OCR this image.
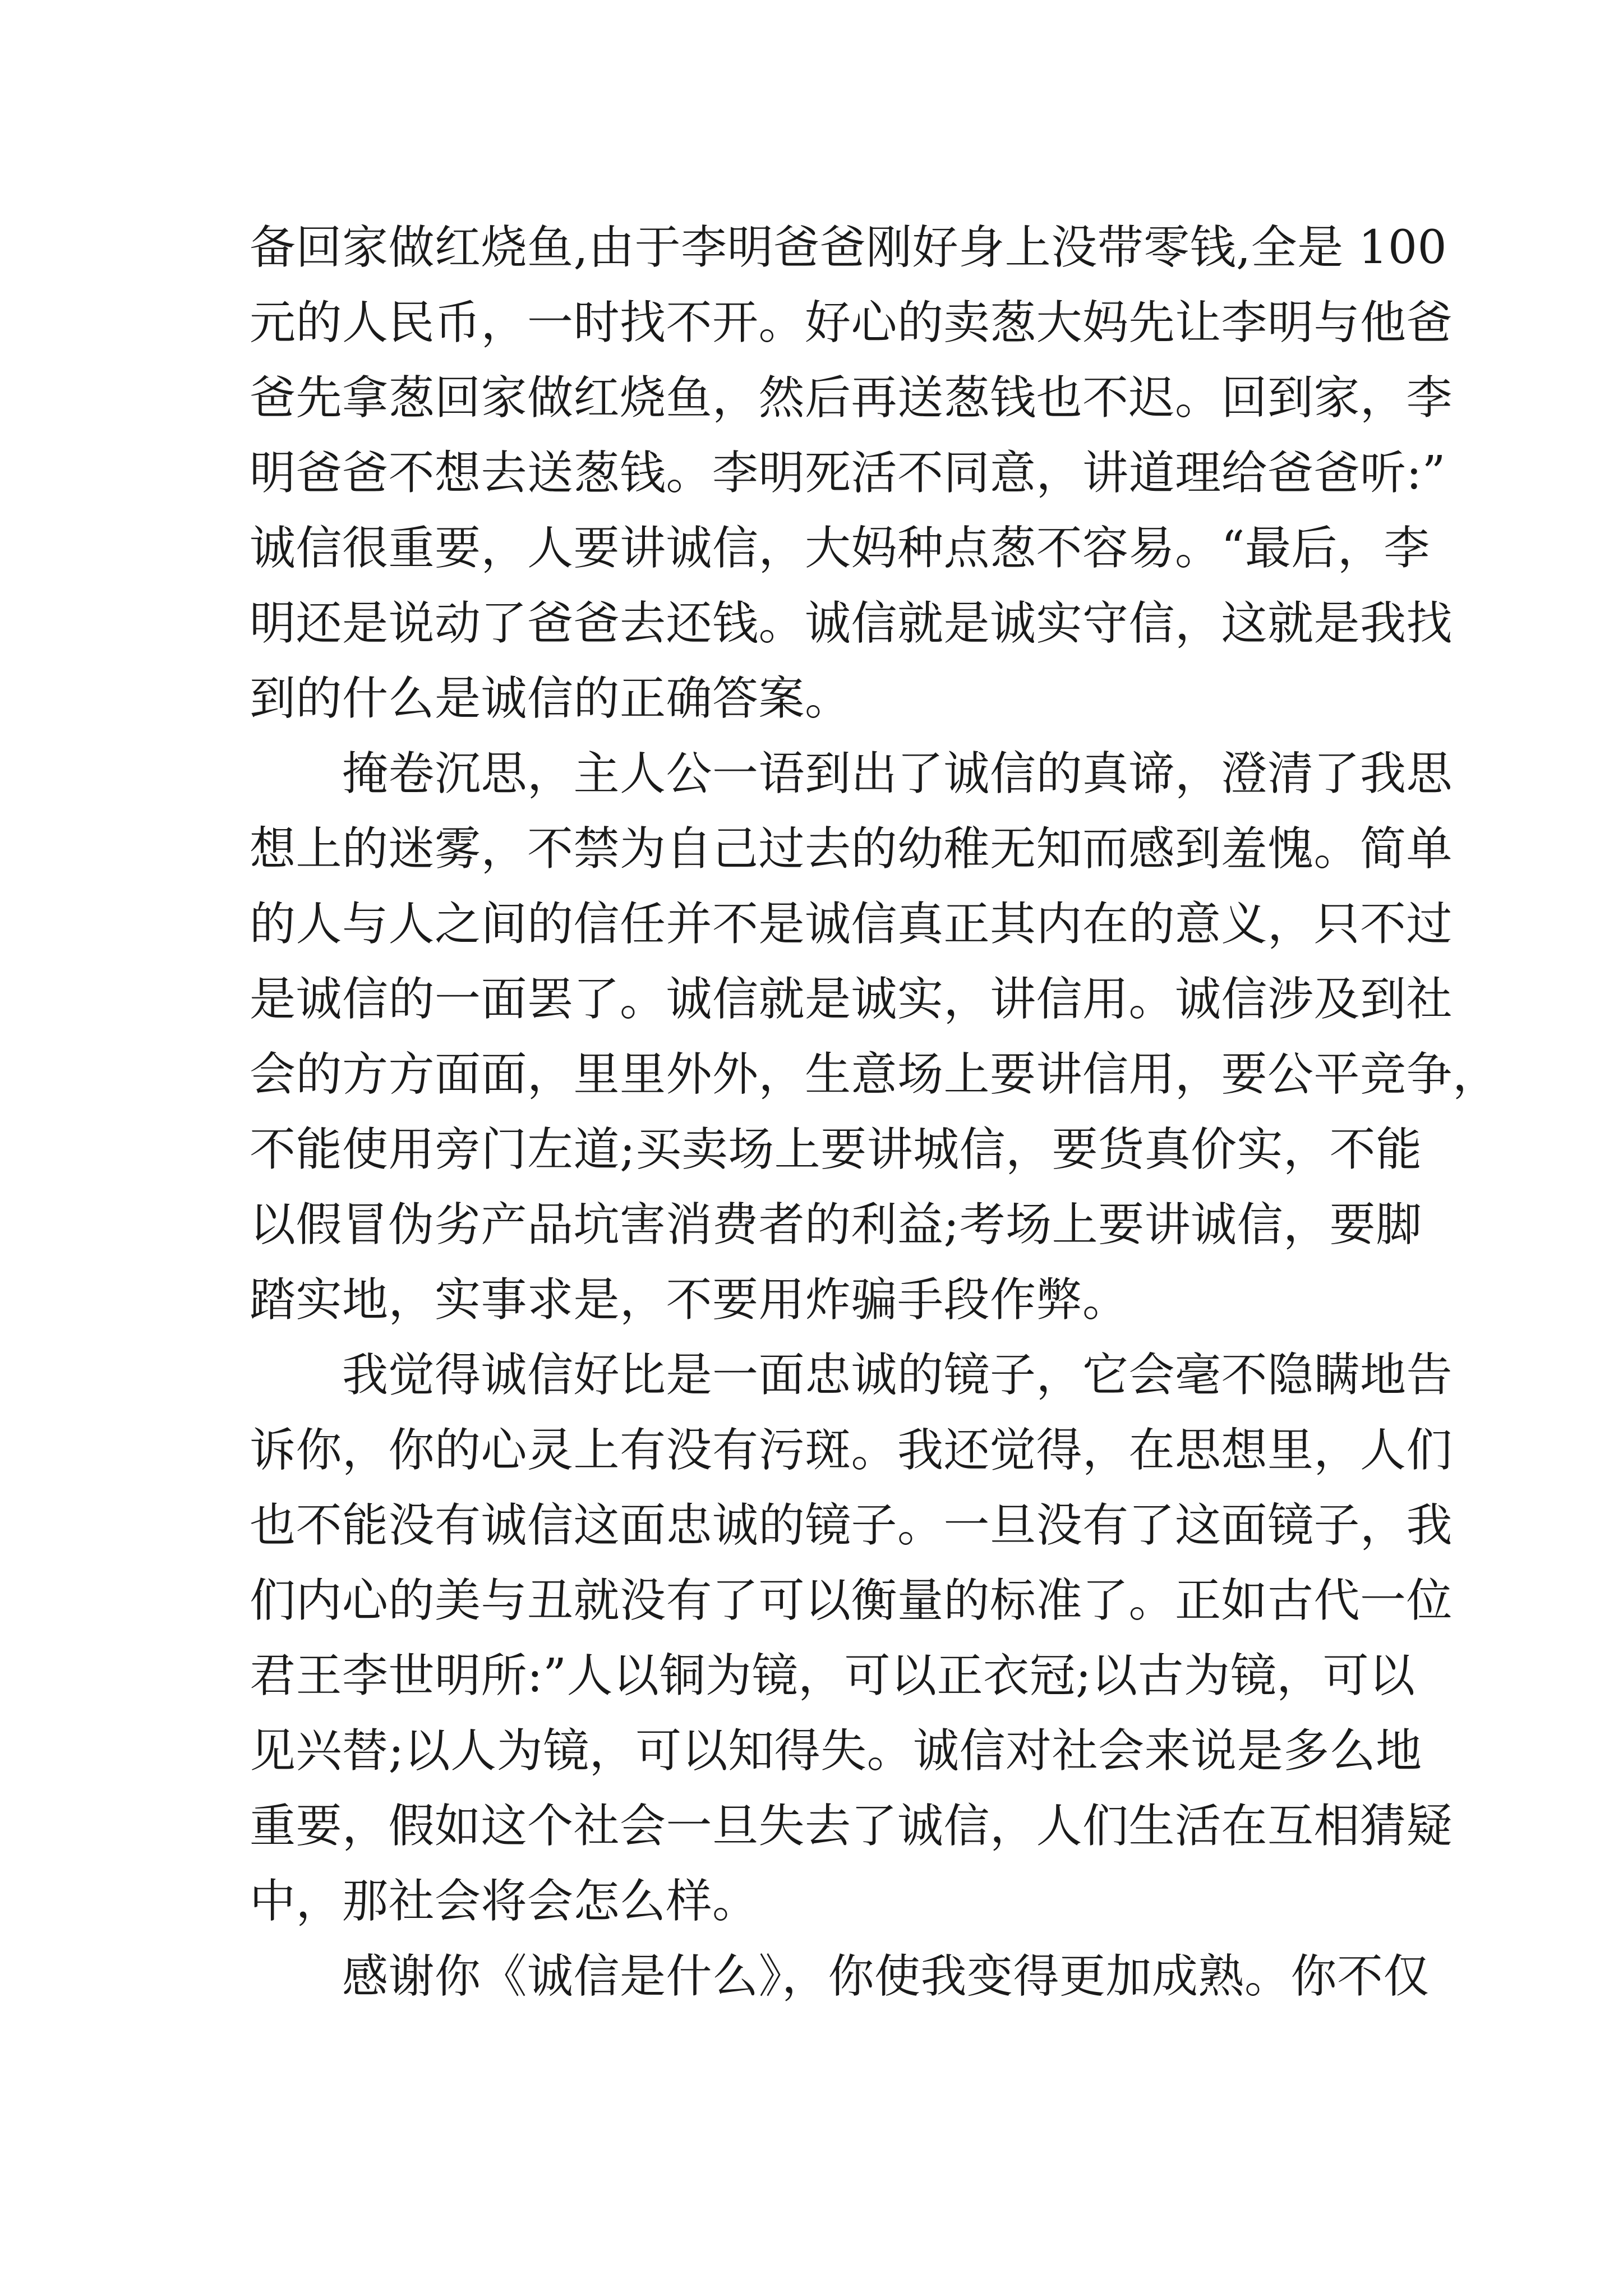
备回家做红烧鱼,由于李明爸爸刚好身上没带零钱,全是 100
元的人民币，一时找不开。好心的卖葱大妈先让李明与他爸
爸先拿葱回家做红烧鱼，然后再送葱钱也不迟。回到家，李
明爸爸不想去送葱钱。李明死活不同意，讲道理给爸爸听:”
诚信很重要，人要讲诚信，大妈种点葱不容易。“最后，李
明还是说动了爸爸去还钱。诚信就是诚实守信，这就是我找
到的什么是诚信的正确答案。
掩卷沉思，主人公一语到出了诚信的真谛，澄清了我思
想上的迷雾，不禁为自己过去的幼稚无知而感到羞愧。简单
的人与人之间的信任并不是诚信真正其内在的意义，只不过
是诚信的一面罢了。诚信就是诚实，讲信用。诚信涉及到社
会的方方面面，里里外外，生意场上要讲信用，要公平竞争，
不能使用旁门左道;买卖场上要讲城信，要货真价实，不能
以假冒伪劣产品坑害消费者的利益;考场上要讲诚信，要脚
踏实地，实事求是，不要用炸骗手段作弊。
我觉得诚信好比是一面忠诚的镜子，它会毫不隐瞒地告
诉你，你的心灵上有没有污斑。我还觉得，在思想里，人们
也不能没有诚信这面忠诚的镜子。一旦没有了这面镜子，我
们内心的美与丑就没有了可以衡量的标准了。正如古代一位
君王李世明所:”人以铜为镜，可以正衣冠;以古为镜，可以
见兴替;以人为镜，可以知得失。诚信对社会来说是多么地
重要，假如这个社会一旦失去了诚信，人们生活在互相猜疑
中，那社会将会怎么样。
感谢你《诚信是什么》，你使我变得更加成熟。你不仅
